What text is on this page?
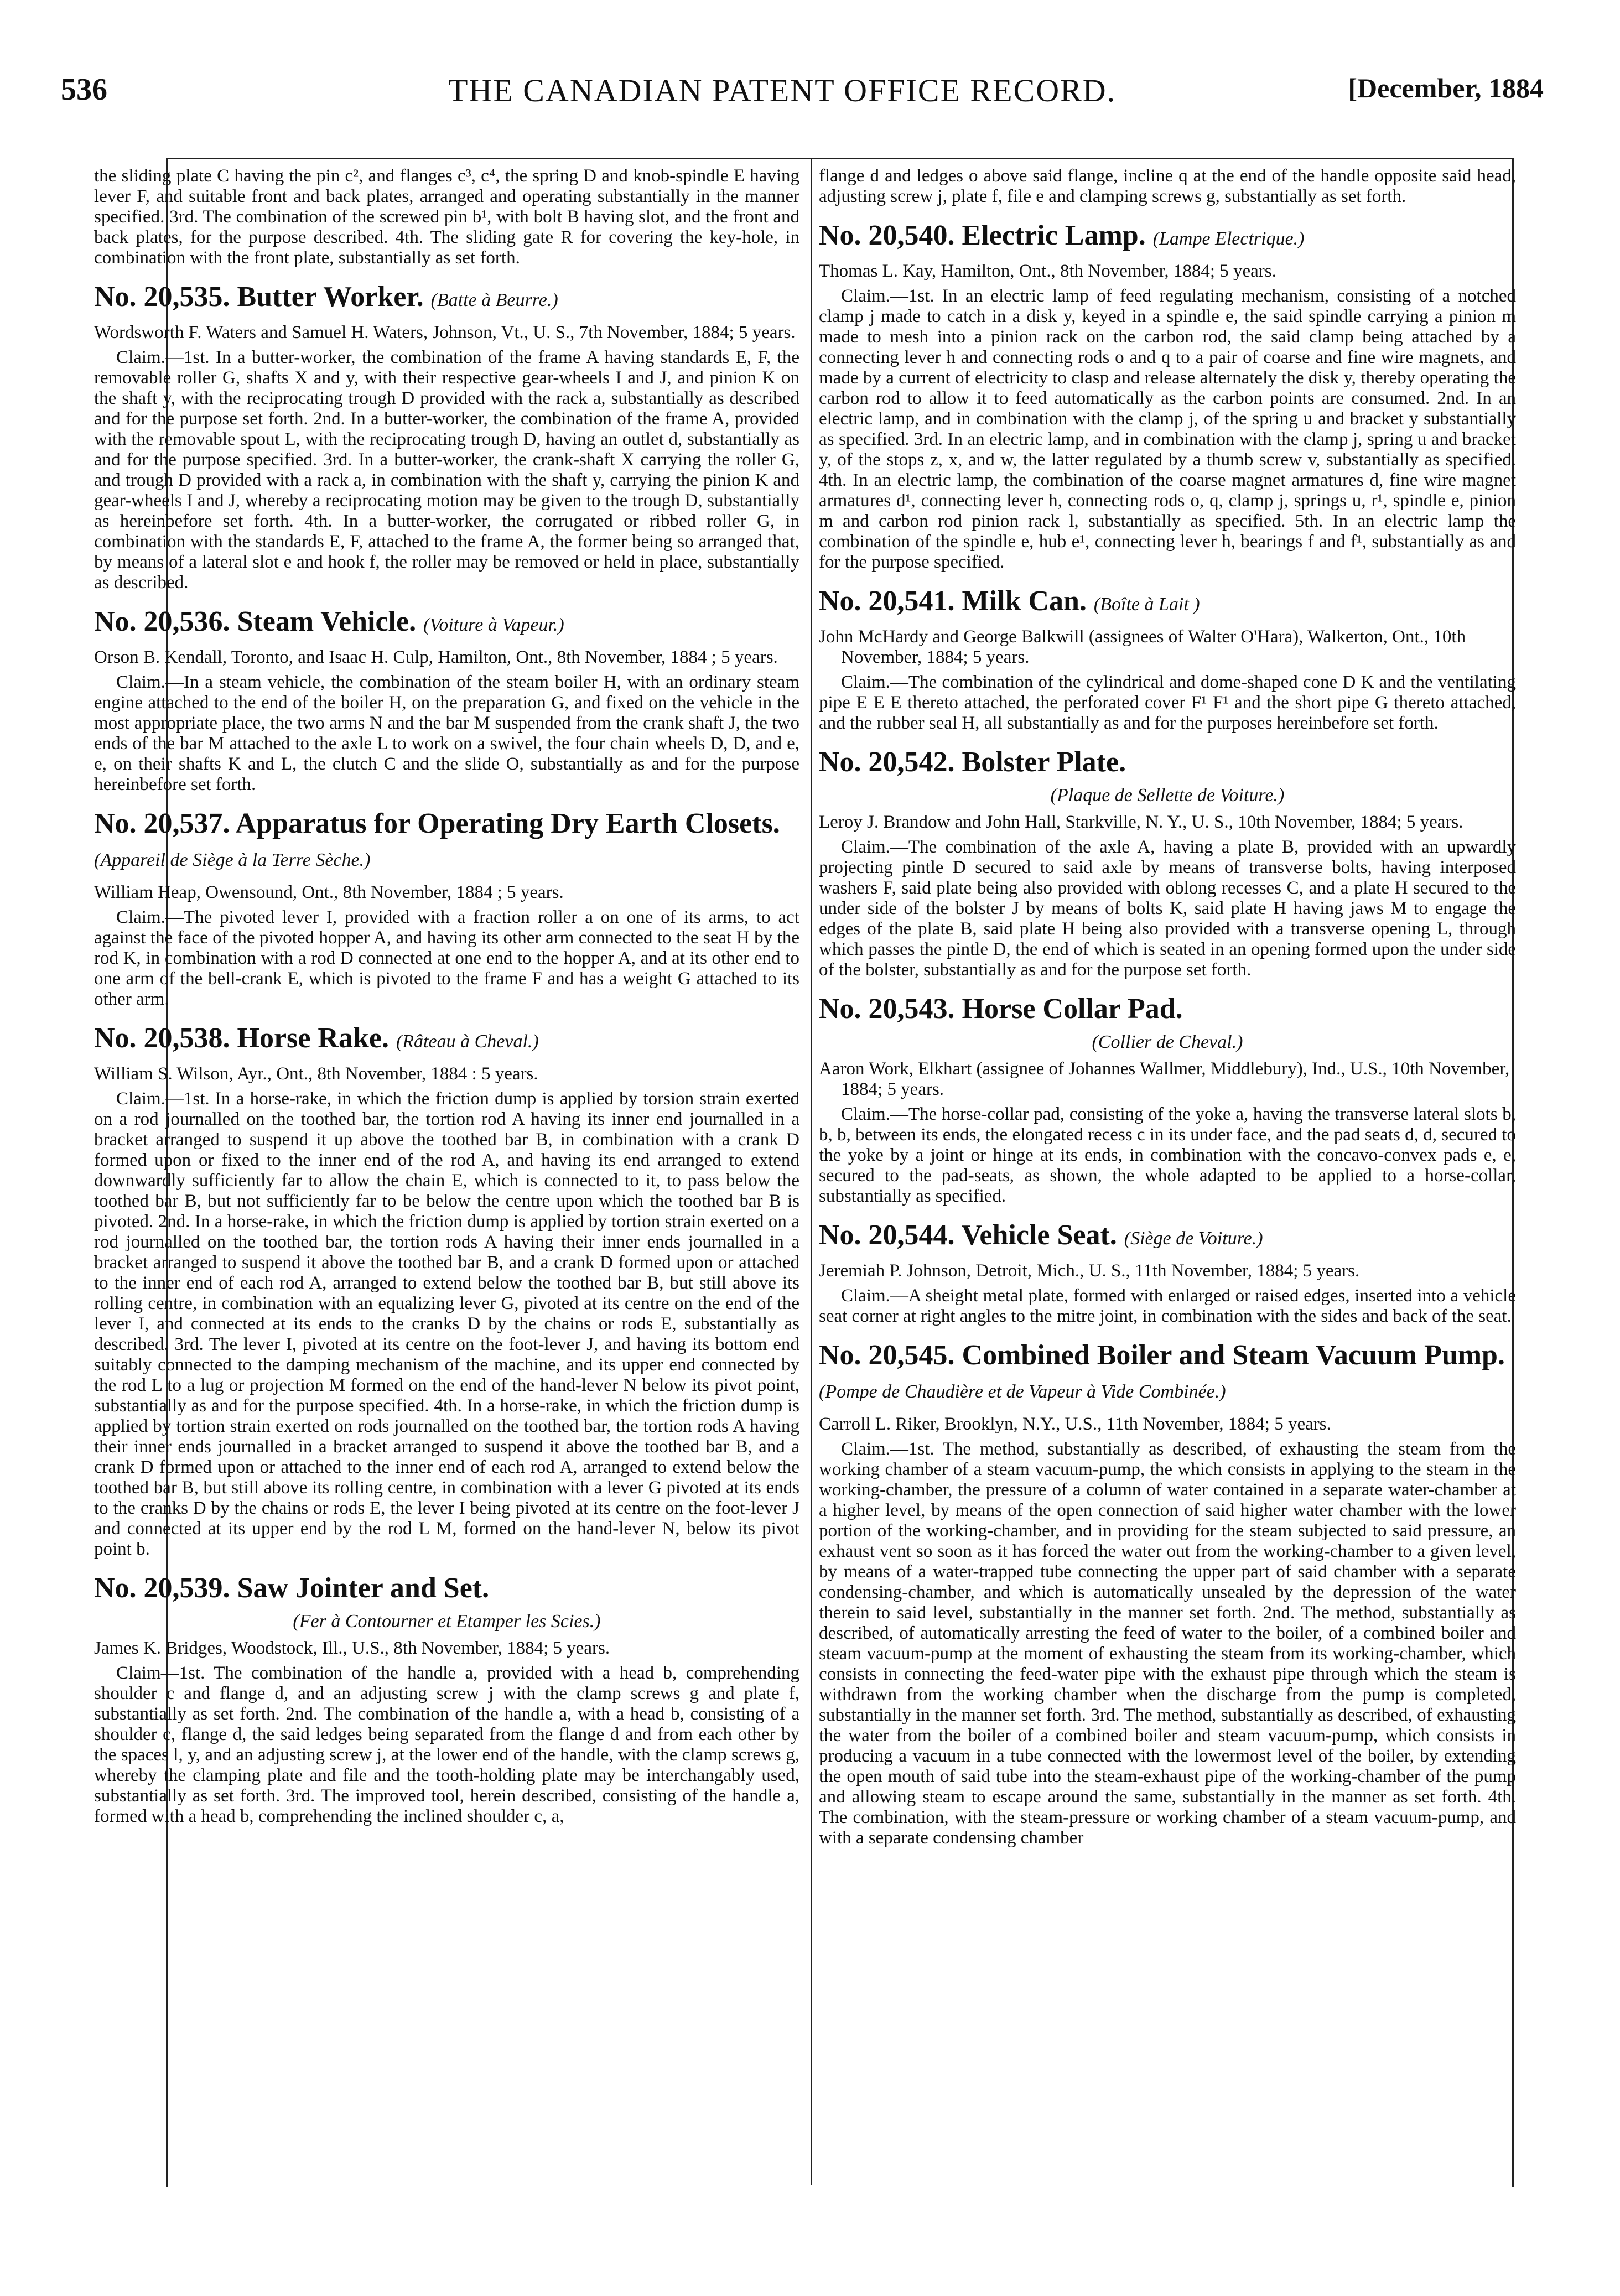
536	THE CANADIAN PATENT OFFICE RECORD.	[December, 1884

the sliding plate C having the pin c², and flanges c³, c⁴, the spring D and knob-spindle E having lever F, and suitable front and back plates, arranged and operating substantially in the manner specified. 3rd. The combination of the screwed pin b¹, with bolt B having slot, and the front and back plates, for the purpose described. 4th. The sliding gate R for covering the key-hole, in combination with the front plate, substantially as set forth.

No. 20,535. Butter Worker. (Batte à Beurre.)

Wordsworth F. Waters and Samuel H. Waters, Johnson, Vt., U. S., 7th November, 1884; 5 years.

Claim.—1st. In a butter-worker, the combination of the frame A having standards E, F, the removable roller G, shafts X and y, with their respective gear-wheels I and J, and pinion K on the shaft y, with the reciprocating trough D provided with the rack a, substantially as described and for the purpose set forth. 2nd. In a butter-worker, the combination of the frame A, provided with the removable spout L, with the reciprocating trough D, having an outlet d, substantially as and for the purpose specified. 3rd. In a butter-worker, the crank-shaft X carrying the roller G, and trough D provided with a rack a, in combination with the shaft y, carrying the pinion K and gear-wheels I and J, whereby a reciprocating motion may be given to the trough D, substantially as hereinbefore set forth. 4th. In a butter-worker, the corrugated or ribbed roller G, in combination with the standards E, F, attached to the frame A, the former being so arranged that, by means of a lateral slot e and hook f, the roller may be removed or held in place, substantially as described.

No. 20,536. Steam Vehicle. (Voiture à Vapeur.)

Orson B. Kendall, Toronto, and Isaac H. Culp, Hamilton, Ont., 8th November, 1884 ; 5 years.

Claim.—In a steam vehicle, the combination of the steam boiler H, with an ordinary steam engine attached to the end of the boiler H, on the preparation G, and fixed on the vehicle in the most appropriate place, the two arms N and the bar M suspended from the crank shaft J, the two ends of the bar M attached to the axle L to work on a swivel, the four chain wheels D, D, and e, e, on their shafts K and L, the clutch C and the slide O, substantially as and for the purpose hereinbefore set forth.

No. 20,537. Apparatus for Operating Dry Earth Closets. (Appareil de Siège à la Terre Sèche.)

William Heap, Owensound, Ont., 8th November, 1884 ; 5 years.

Claim.—The pivoted lever I, provided with a fraction roller a on one of its arms, to act against the face of the pivoted hopper A, and having its other arm connected to the seat H by the rod K, in combination with a rod D connected at one end to the hopper A, and at its other end to one arm of the bell-crank E, which is pivoted to the frame F and has a weight G attached to its other arm.

No. 20,538. Horse Rake. (Râteau à Cheval.)

William S. Wilson, Ayr., Ont., 8th November, 1884 : 5 years.

Claim.—1st. In a horse-rake, in which the friction dump is applied by torsion strain exerted on a rod journalled on the toothed bar, the tortion rod A having its inner end journalled in a bracket arranged to suspend it up above the toothed bar B, in combination with a crank D formed upon or fixed to the inner end of the rod A, and having its end arranged to extend downwardly sufficiently far to allow the chain E, which is connected to it, to pass below the toothed bar B, but not sufficiently far to be below the centre upon which the toothed bar B is pivoted. 2nd. In a horse-rake, in which the friction dump is applied by tortion strain exerted on a rod journalled on the toothed bar, the tortion rods A having their inner ends journalled in a bracket arranged to suspend it above the toothed bar B, and a crank D formed upon or attached to the inner end of each rod A, arranged to extend below the toothed bar B, but still above its rolling centre, in combination with an equalizing lever G, pivoted at its centre on the end of the lever I, and connected at its ends to the cranks D by the chains or rods E, substantially as described. 3rd. The lever I, pivoted at its centre on the foot-lever J, and having its bottom end suitably connected to the damping mechanism of the machine, and its upper end connected by the rod L to a lug or projection M formed on the end of the hand-lever N below its pivot point, substantially as and for the purpose specified. 4th. In a horse-rake, in which the friction dump is applied by tortion strain exerted on rods journalled on the toothed bar, the tortion rods A having their inner ends journalled in a bracket arranged to suspend it above the toothed bar B, and a crank D formed upon or attached to the inner end of each rod A, arranged to extend below the toothed bar B, but still above its rolling centre, in combination with a lever G pivoted at its ends to the cranks D by the chains or rods E, the lever I being pivoted at its centre on the foot-lever J and connected at its upper end by the rod L M, formed on the hand-lever N, below its pivot point b.

No. 20,539. Saw Jointer and Set.
(Fer à Contourner et Etamper les Scies.)

James K. Bridges, Woodstock, Ill., U.S., 8th November, 1884; 5 years.

Claim—1st. The combination of the handle a, provided with a head b, comprehending shoulder c and flange d, and an adjusting screw j with the clamp screws g and plate f, substantially as set forth. 2nd. The combination of the handle a, with a head b, consisting of a shoulder c, flange d, the said ledges being separated from the flange d and from each other by the spaces l, y, and an adjusting screw j, at the lower end of the handle, with the clamp screws g, whereby the clamping plate and file and the tooth-holding plate may be interchangably used, substantially as set forth. 3rd. The improved tool, herein described, consisting of the handle a, formed with a head b, comprehending the inclined shoulder c, a,

flange d and ledges o above said flange, incline q at the end of the handle opposite said head, adjusting screw j, plate f, file e and clamping screws g, substantially as set forth.

No. 20,540. Electric Lamp. (Lampe Electrique.)

Thomas L. Kay, Hamilton, Ont., 8th November, 1884; 5 years.

Claim.—1st. In an electric lamp of feed regulating mechanism, consisting of a notched clamp j made to catch in a disk y, keyed in a spindle e, the said spindle carrying a pinion m made to mesh into a pinion rack on the carbon rod, the said clamp being attached by a connecting lever h and connecting rods o and q to a pair of coarse and fine wire magnets, and made by a current of electricity to clasp and release alternately the disk y, thereby operating the carbon rod to allow it to feed automatically as the carbon points are consumed. 2nd. In an electric lamp, and in combination with the clamp j, of the spring u and bracket y substantially as specified. 3rd. In an electric lamp, and in combination with the clamp j, spring u and bracket y, of the stops z, x, and w, the latter regulated by a thumb screw v, substantially as specified. 4th. In an electric lamp, the combination of the coarse magnet armatures d, fine wire magnet armatures d¹, connecting lever h, connecting rods o, q, clamp j, springs u, r¹, spindle e, pinion m and carbon rod pinion rack l, substantially as specified. 5th. In an electric lamp the combination of the spindle e, hub e¹, connecting lever h, bearings f and f¹, substantially as and for the purpose specified.

No. 20,541. Milk Can. (Boîte à Lait )

John McHardy and George Balkwill (assignees of Walter O'Hara), Walkerton, Ont., 10th November, 1884; 5 years.

Claim.—The combination of the cylindrical and dome-shaped cone D K and the ventilating pipe E E E thereto attached, the perforated cover F¹ F¹ and the short pipe G thereto attached, and the rubber seal H, all substantially as and for the purposes hereinbefore set forth.

No. 20,542. Bolster Plate.
(Plaque de Sellette de Voiture.)

Leroy J. Brandow and John Hall, Starkville, N. Y., U. S., 10th November, 1884; 5 years.

Claim.—The combination of the axle A, having a plate B, provided with an upwardly projecting pintle D secured to said axle by means of transverse bolts, having interposed washers F, said plate being also provided with oblong recesses C, and a plate H secured to the under side of the bolster J by means of bolts K, said plate H having jaws M to engage the edges of the plate B, said plate H being also provided with a transverse opening L, through which passes the pintle D, the end of which is seated in an opening formed upon the under side of the bolster, substantially as and for the purpose set forth.

No. 20,543. Horse Collar Pad.
(Collier de Cheval.)

Aaron Work, Elkhart (assignee of Johannes Wallmer, Middlebury), Ind., U.S., 10th November, 1884; 5 years.

Claim.—The horse-collar pad, consisting of the yoke a, having the transverse lateral slots b, b, b, between its ends, the elongated recess c in its under face, and the pad seats d, d, secured to the yoke by a joint or hinge at its ends, in combination with the concavo-convex pads e, e, secured to the pad-seats, as shown, the whole adapted to be applied to a horse-collar, substantially as specified.

No. 20,544. Vehicle Seat. (Siège de Voiture.)

Jeremiah P. Johnson, Detroit, Mich., U. S., 11th November, 1884; 5 years.

Claim.—A sheight metal plate, formed with enlarged or raised edges, inserted into a vehicle seat corner at right angles to the mitre joint, in combination with the sides and back of the seat.

No. 20,545. Combined Boiler and Steam Vacuum Pump. (Pompe de Chaudière et de Vapeur à Vide Combinée.)

Carroll L. Riker, Brooklyn, N.Y., U.S., 11th November, 1884; 5 years.

Claim.—1st. The method, substantially as described, of exhausting the steam from the working chamber of a steam vacuum-pump, the which consists in applying to the steam in the working-chamber, the pressure of a column of water contained in a separate water-chamber at a higher level, by means of the open connection of said higher water chamber with the lower portion of the working-chamber, and in providing for the steam subjected to said pressure, an exhaust vent so soon as it has forced the water out from the working-chamber to a given level, by means of a water-trapped tube connecting the upper part of said chamber with a separate condensing-chamber, and which is automatically unsealed by the depression of the water therein to said level, substantially in the manner set forth. 2nd. The method, substantially as described, of automatically arresting the feed of water to the boiler, of a combined boiler and steam vacuum-pump at the moment of exhausting the steam from its working-chamber, which consists in connecting the feed-water pipe with the exhaust pipe through which the steam is withdrawn from the working chamber when the discharge from the pump is completed, substantially in the manner set forth. 3rd. The method, substantially as described, of exhausting the water from the boiler of a combined boiler and steam vacuum-pump, which consists in producing a vacuum in a tube connected with the lowermost level of the boiler, by extending the open mouth of said tube into the steam-exhaust pipe of the working-chamber of the pump and allowing steam to escape around the same, substantially in the manner as set forth. 4th. The combination, with the steam-pressure or working chamber of a steam vacuum-pump, and with a separate condensing chamber
